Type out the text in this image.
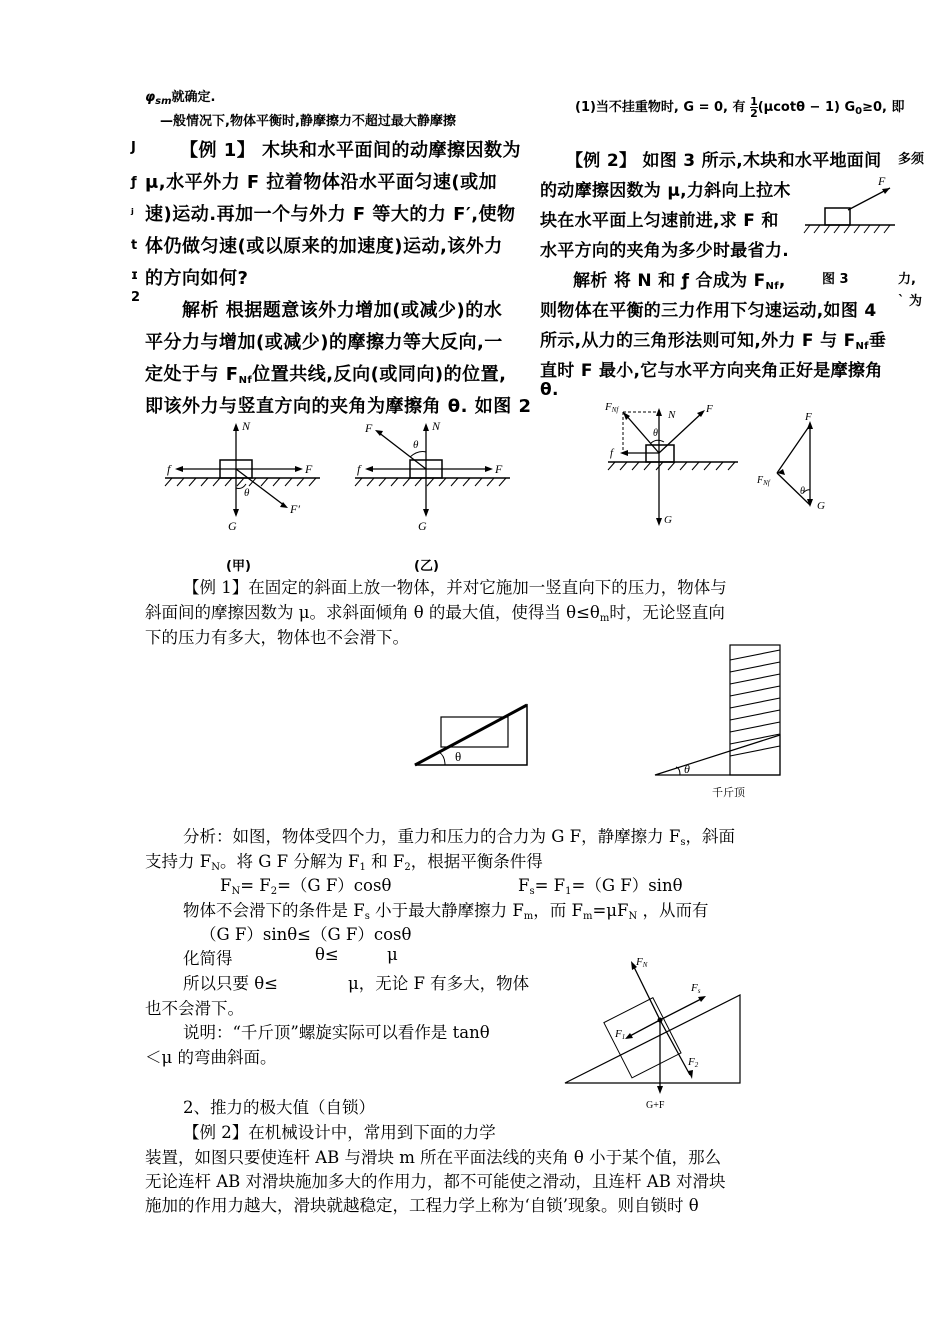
$\varphi_{sm}$就确定.
—般情况下,物体平衡时,静摩擦力不超过最大静摩擦
【例 1】 木块和水平面间的动摩擦因数为
μ,水平外力 F 拉着物体沿水平面匀速(或加
速)运动.再加一个与外力 F 等大的力 F′,使物
体仍做匀速(或以原来的加速度)运动,该外力
的方向如何?
解析 根据题意该外力增加(或减少)的水
平分力与增加(或减少)的摩擦力等大反向,一
定处于与 $F_{Nf}$位置共线,反向(或同向)的位置,
即该外力与竖直方向的夹角为摩擦角 θ. 如图 2
J
ƒ
ʲ
t
ɪ
2
(1)当不挂重物时, G = 0, 有 $\frac{1}{2} (\mu\cot\theta - 1)$ $G_0\ge 0$, 即
【例 2】 如图 3 所示,木块和水平地面间
的动摩擦因数为 μ,力斜向上拉木
块在水平面上匀速前进,求 F 和
水平方向的夹角为多少时最省力.
解析 将 N 和 ƒ 合成为 $F_{Nf}$,	图 3
则物体在平衡的三力作用下匀速运动,如图 4
所示,从力的三角形法则可知,外力 F 与 $F_{Nf}$垂
直时 F 最小,它与水平方向夹角正好是摩擦角
θ.
多须
力,
` 为
F
N
f	F
F′
θ
G
(甲)
N
F
f	F
θ
G
(乙)
FNf	N	F
θ
f
G
F
$F_{Nf}$
θ
G
【例 1】在固定的斜面上放一物体，并对它施加一竖直向下的压力，物体与
斜面间的摩擦因数为 μ。求斜面倾角 θ 的最大值，使得当 $\theta\le\theta_m$时，无论竖直向
下的压力有多大，物体也不会滑下。
θ
θ
千斤顶
分析：如图，物体受四个力，重力和压力的合力为 G F，静摩擦力 $F_s$，斜面
支持力 $F_N$。将 G F 分解为 $F_1$ 和 $F_2$，根据平衡条件得
$F_N= F_2=(G$ F）cosθ	$F_s= F_1=(G$ F）sinθ
物体不会滑下的条件是 $F_s$ 小于最大静摩擦力 $F_m$，而 $F_m=\mu F_N$ ，从而有
（G F）sinθ≤（G F）cosθ
化简得	θ≤	μ
所以只要 θ≤	μ，无论 F 有多大，物体
也不会滑下。
说明：“千斤顶”螺旋实际可以看作是 tanθ
＜μ 的弯曲斜面。
FN
Fs
F1
F2
G+F
2、推力的极大值（自锁）
【例 2】在机械设计中，常用到下面的力学
装置，如图只要使连杆 AB 与滑块 m 所在平面法线的夹角 θ 小于某个值，那么
无论连杆 AB 对滑块施加多大的作用力，都不可能使之滑动，且连杆 AB 对滑块
施加的作用力越大，滑块就越稳定，工程力学上称为‘自锁’现象。则自锁时 θ
